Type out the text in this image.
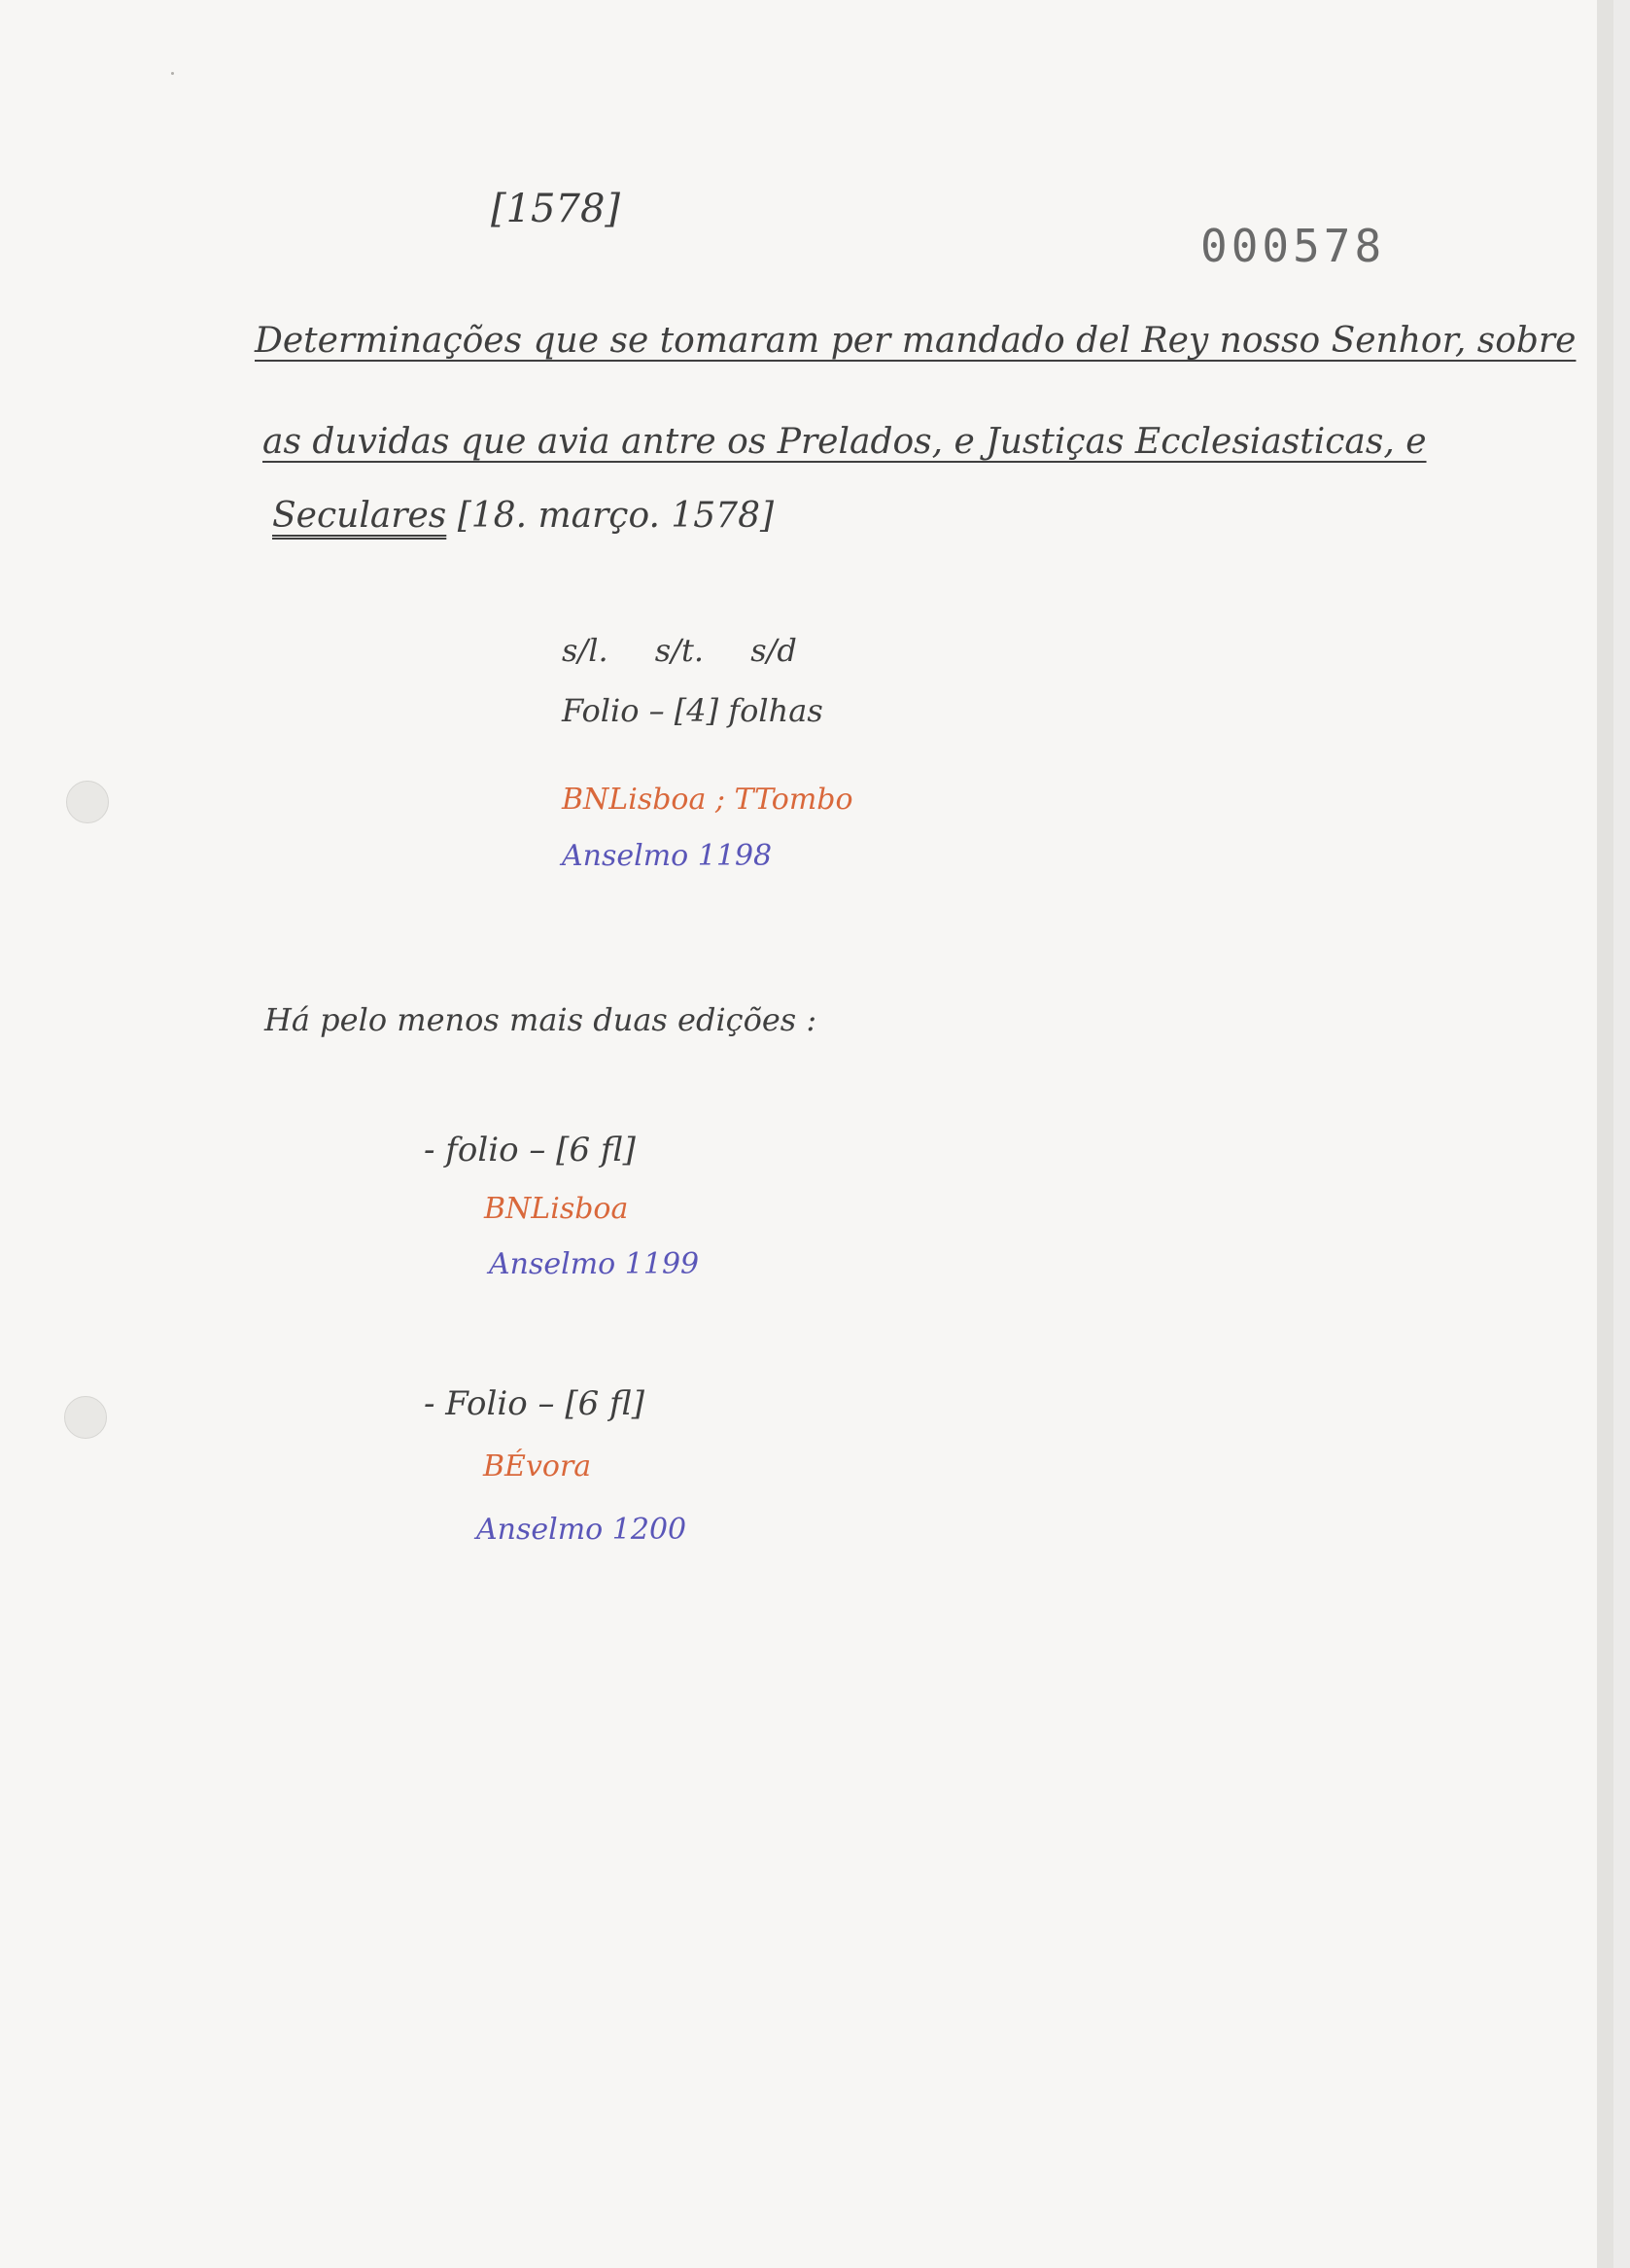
[1578]
000578
Determinações que se tomaram per mandado del Rey nosso Senhor, sobre
as duvidas que avia antre os Prelados, e Justiças Ecclesiasticas, e
Seculares [18. março. 1578]
s/l. s/t. s/d
Folio – [4] folhas
BNLisboa ; TTombo
Anselmo 1198
Há pelo menos mais duas edições :
- folio – [6 fl]
BNLisboa
Anselmo 1199
- Folio – [6 fl]
BÉvora
Anselmo 1200
